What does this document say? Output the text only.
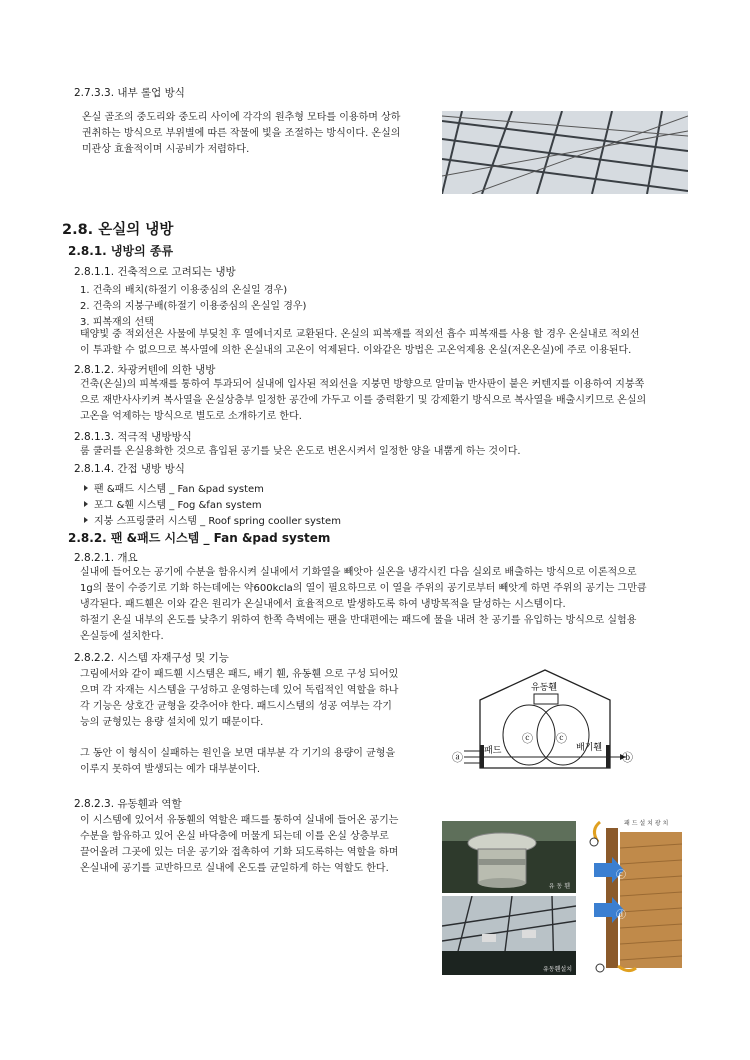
2.7.3.3. 내부 롤업 방식

온실 골조의 중도리와 중도리 사이에 각각의 원추형 모타를 이용하며 상하

권취하는 방식으로 부위별에 따른 작물에 빛을 조절하는 방식이다. 온실의

미관상 효율적이며 시공비가 저렴하다.

2.8. 온실의 냉방
2.8.1. 냉방의 종류
2.8.1.1. 건축적으로 고려되는 냉방
1. 건축의 배치(하절기 이용중심의 온실일 경우)
2. 건축의 지붕구배(하절기 이용중심의 온실일 경우)
3. 피복재의 선택

태양빛 중 적외선은 사물에 부딪친 후 열에너지로 교환된다. 온실의 피복재를 적외선 흡수 피복재를 사용 할 경우 온실내로 적외선

이 투과할 수 없으므로 복사열에 의한 온실내의 고온이 억제된다. 이와같은 방법은 고온억제용 온실(저온온실)에 주로 이용된다.

2.8.1.2. 차광커텐에 의한 냉방

건축(온실)의 피복재를 통하여 투과되어 실내에 입사된 적외선을 지붕면 방향으로 알미늄 반사판이 붙은 커텐지를 이용하여 지붕쪽

으로 재반사사키켜 복사열을 온실상층부 일정한 공간에 가두고 이를 중력환기 및 강제환기 방식으로 복사열을 배출시키므로 온실의

고온을 억제하는 방식으로 별도로 소개하기로 한다.

2.8.1.3. 적극적 냉방방식

룸 쿨러를 온실용화한 것으로 흡입된 공기를 낮은 온도로 변온시켜서 일정한 양을 내뿜게 하는 것이다.

2.8.1.4. 간접 냉방 방식
팬 &패드 시스템 _ Fan &pad system
포그 &휀 시스템 _ Fog &fan system
지붕 스프링쿨러 시스템 _ Roof spring cooller system
2.8.2. 팬 &패드 시스템 _ Fan &pad system
2.8.2.1. 개요

실내에 들어오는 공기에 수분을 함유시켜 실내에서 기화열을 빼앗아 실온을 냉각시킨 다음 실외로 배출하는 방식으로 이론적으로

1g의 물이 수증기로 기화 하는데에는 약600kcla의 열이 필요하므로 이 열을 주위의 공기로부터 빼앗게 하면 주위의 공기는 그만큼

냉각된다. 패드휀은 이와 같은 원리가 온실내에서 효율적으로 발생하도록 하여 냉방목적을 달성하는 시스템이다.

하절기 온실 내부의 온도를 낮추기 위하여 한쪽 측벽에는 팬을 반대편에는 패드에 물을 내려 찬 공기를 유입하는 방식으로 실험용

온실등에 설치한다.

2.8.2.2. 시스템 자재구성 및 기능

그림에서와 같이 패드휀 시스템은 패드, 배기 휀, 유동휀 으로 구성 되어있

으며 각 자재는 시스템을 구성하고 운영하는데 있어 독립적인 역할을 하나

각 기능은 상호간 균형을 갖추어야 한다. 패드시스템의 성공 여부는 각기

능의 균형있는 용량 설치에 있기 때문이다.

그 동안 이 형식이 실패하는 원인을 보면 대부분 각 기기의 용량이 균형을

이루지 못하여 발생되는 예가 대부분이다.

유동휀
ⓒ ⓒ
패드	배기휀
ⓐ	ⓑ
2.8.2.3. 유동휀과 역할

이 시스템에 있어서 유동휀의 역할은 패드를 통하여 실내에 들어온 공기는

수분을 함유하고 있어 온실 바닥층에 머물게 되는데 이를 온실 상층부로

끌어올려 그곳에 있는 더운 공기와 접촉하여 기화 되도록하는 역할을 하며

온실내에 공기를 교반하므로 실내에 온도를 균일하게 하는 역할도 한다.

유 동 휀
유동휀설치
패 드 설 치 광 치
ⓒ
ⓓ
